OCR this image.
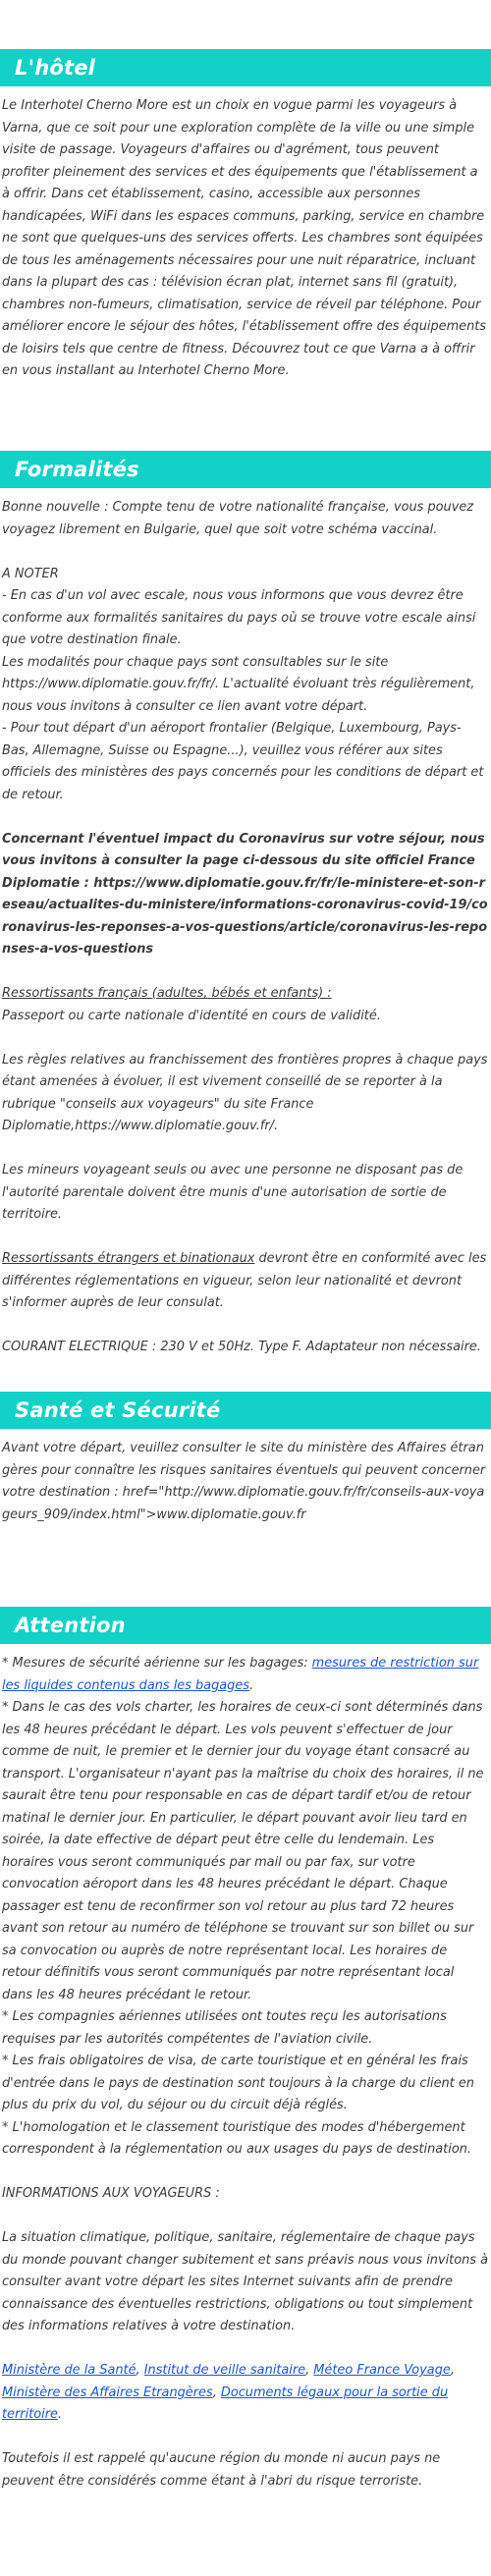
L'hôtel

Le Interhotel Cherno More est un choix en vogue parmi les voyageurs à Varna, que ce soit pour une exploration complète de la ville ou une simple visite de passage. Voyageurs d'affaires ou d'agrément, tous peuvent profiter pleinement des services et des équipements que l'établissement a à offrir. Dans cet établissement, casino, accessible aux personnes handicapées, WiFi dans les espaces communs, parking, service en chambre ne sont que quelques-uns des services offerts. Les chambres sont équipées de tous les aménagements nécessaires pour une nuit réparatrice, incluant dans la plupart des cas : télévision écran plat, internet sans fil (gratuit), chambres non-fumeurs, climatisation, service de réveil par téléphone. Pour améliorer encore le séjour des hôtes, l'établissement offre des équipements de loisirs tels que centre de fitness. Découvrez tout ce que Varna a à offrir en vous installant au Interhotel Cherno More.

Formalités

Bonne nouvelle : Compte tenu de votre nationalité française, vous pouvez voyagez librement en Bulgarie, quel que soit votre schéma vaccinal.

A NOTER

- En cas d'un vol avec escale, nous vous informons que vous devrez être conforme aux formalités sanitaires du pays où se trouve votre escale ainsi que votre destination finale.

Les modalités pour chaque pays sont consultables sur le site https://www.diplomatie.gouv.fr/fr/. L'actualité évoluant très régulièrement, nous vous invitons à consulter ce lien avant votre départ.

- Pour tout départ d'un aéroport frontalier (Belgique, Luxembourg, Pays-Bas, Allemagne, Suisse ou Espagne...), veuillez vous référer aux sites officiels des ministères des pays concernés pour les conditions de départ et de retour.

Concernant l'éventuel impact du Coronavirus sur votre séjour, nous vous invitons à consulter la page ci-dessous du site officiel France Diplomatie : https://www.diplomatie.gouv.fr/fr/le-ministere-et-son-reseau/actualites-du-ministere/informations-coronavirus-covid-19/coronavirus-les-reponses-a-vos-questions/article/coronavirus-les-reponses-a-vos-questions

Ressortissants français (adultes, bébés et enfants) :

Passeport ou carte nationale d'identité en cours de validité.

Les règles relatives au franchissement des frontières propres à chaque pays étant amenées à évoluer, il est vivement conseillé de se reporter à la rubrique "conseils aux voyageurs" du site France Diplomatie,https://www.diplomatie.gouv.fr/.

Les mineurs voyageant seuls ou avec une personne ne disposant pas de l'autorité parentale doivent être munis d'une autorisation de sortie de territoire.

Ressortissants étrangers et binationaux devront être en conformité avec les différentes réglementations en vigueur, selon leur nationalité et devront s'informer auprès de leur consulat.

COURANT ELECTRIQUE : 230 V et 50Hz. Type F. Adaptateur non nécessaire.

Santé et Sécurité

Avant votre départ, veuillez consulter le site du ministère des Affaires étrangères pour connaître les risques sanitaires éventuels qui peuvent concerner votre destination : href="http://www.diplomatie.gouv.fr/fr/conseils-aux-voyageurs_909/index.html">www.diplomatie.gouv.fr

Attention

* Mesures de sécurité aérienne sur les bagages: mesures de restriction sur les liquides contenus dans les bagages.

* Dans le cas des vols charter, les horaires de ceux-ci sont déterminés dans les 48 heures précédant le départ. Les vols peuvent s'effectuer de jour comme de nuit, le premier et le dernier jour du voyage étant consacré au transport. L'organisateur n'ayant pas la maîtrise du choix des horaires, il ne saurait être tenu pour responsable en cas de départ tardif et/ou de retour matinal le dernier jour. En particulier, le départ pouvant avoir lieu tard en soirée, la date effective de départ peut être celle du lendemain. Les horaires vous seront communiqués par mail ou par fax, sur votre convocation aéroport dans les 48 heures précédant le départ. Chaque passager est tenu de reconfirmer son vol retour au plus tard 72 heures avant son retour au numéro de téléphone se trouvant sur son billet ou sur sa convocation ou auprès de notre représentant local. Les horaires de retour définitifs vous seront communiqués par notre représentant local dans les 48 heures précédant le retour.

* Les compagnies aériennes utilisées ont toutes reçu les autorisations requises par les autorités compétentes de l'aviation civile.

* Les frais obligatoires de visa, de carte touristique et en général les frais d'entrée dans le pays de destination sont toujours à la charge du client en plus du prix du vol, du séjour ou du circuit déjà réglés.

* L'homologation et le classement touristique des modes d'hébergement correspondent à la réglementation ou aux usages du pays de destination.

INFORMATIONS AUX VOYAGEURS :

La situation climatique, politique, sanitaire, réglementaire de chaque pays du monde pouvant changer subitement et sans préavis nous vous invitons à consulter avant votre départ les sites Internet suivants afin de prendre connaissance des éventuelles restrictions, obligations ou tout simplement des informations relatives à votre destination.

Ministère de la Santé, Institut de veille sanitaire, Méteo France Voyage, Ministère des Affaires Etrangères, Documents légaux pour la sortie du territoire.

Toutefois il est rappelé qu'aucune région du monde ni aucun pays ne peuvent être considérés comme étant à l'abri du risque terroriste.
